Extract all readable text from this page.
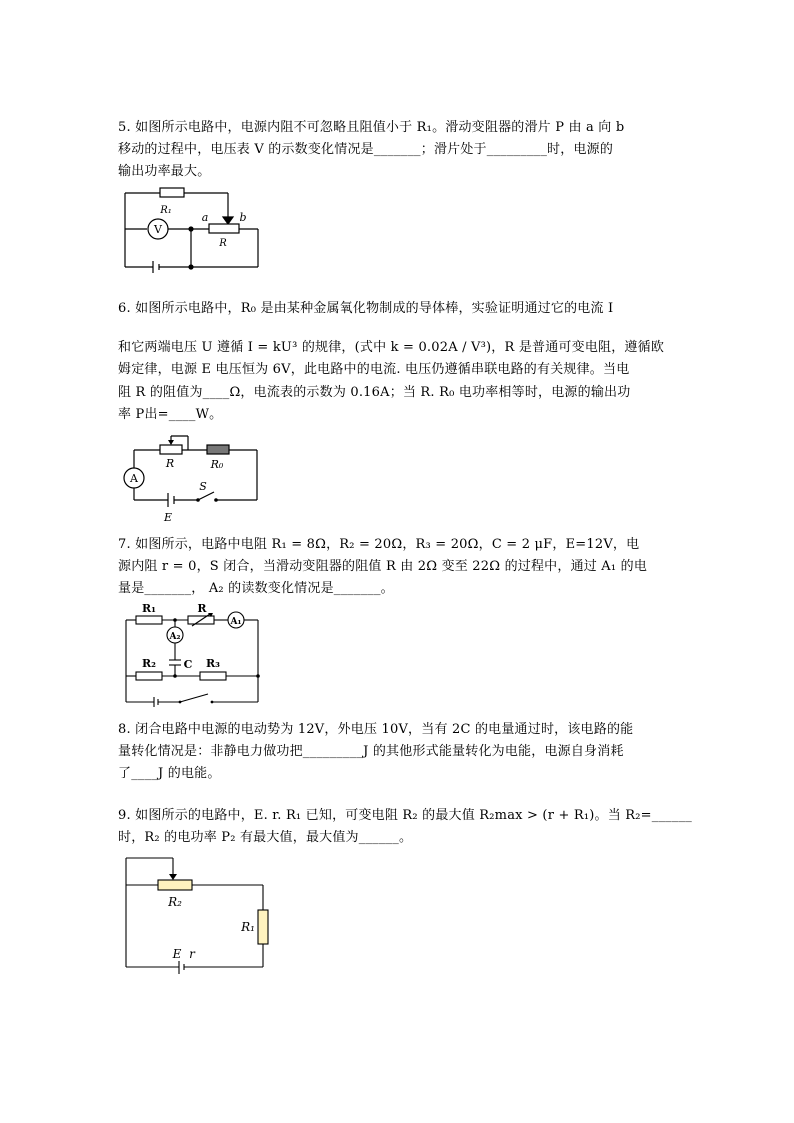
5. 如图所示电路中，电源内阻不可忽略且阻值小于 R₁。滑动变阻器的滑片 P 由 a 向 b
移动的过程中，电压表 V 的示数变化情况是_______；滑片处于_________时，电源的
输出功率最大。
R₁
V
a	b
R
6. 如图所示电路中，R₀ 是由某种金属氧化物制成的导体棒，实验证明通过它的电流 I
和它两端电压 U 遵循 I = kU³ 的规律，(式中 k = 0.02A / V³)，R 是普通可变电阻，遵循欧
姆定律，电源 E 电压恒为 6V，此电路中的电流. 电压仍遵循串联电路的有关规律。当电
阻 R 的阻值为____Ω，电流表的示数为 0.16A；当 R. R₀ 电功率相等时，电源的输出功
率 P出=____W。
A
R	R₀
S
E
7. 如图所示，电路中电阻 R₁ = 8Ω，R₂ = 20Ω，R₃ = 20Ω，C = 2 μF，E=12V，电
源内阻 r = 0，S 闭合，当滑动变阻器的阻值 R 由 2Ω 变至 22Ω 的过程中，通过 A₁ 的电
量是_______， A₂ 的读数变化情况是_______。
R₁	R
A₁
A₂
R₂	C R₃
8. 闭合电路中电源的电动势为 12V，外电压 10V，当有 2C 的电量通过时，该电路的能
量转化情况是：非静电力做功把_________J 的其他形式能量转化为电能，电源自身消耗
了____J 的电能。
9. 如图所示的电路中，E. r. R₁ 已知，可变电阻 R₂ 的最大值 R₂max > (r + R₁)。当 R₂=______
时，R₂ 的电功率 P₂ 有最大值，最大值为______。
R₂
R₁
E r
